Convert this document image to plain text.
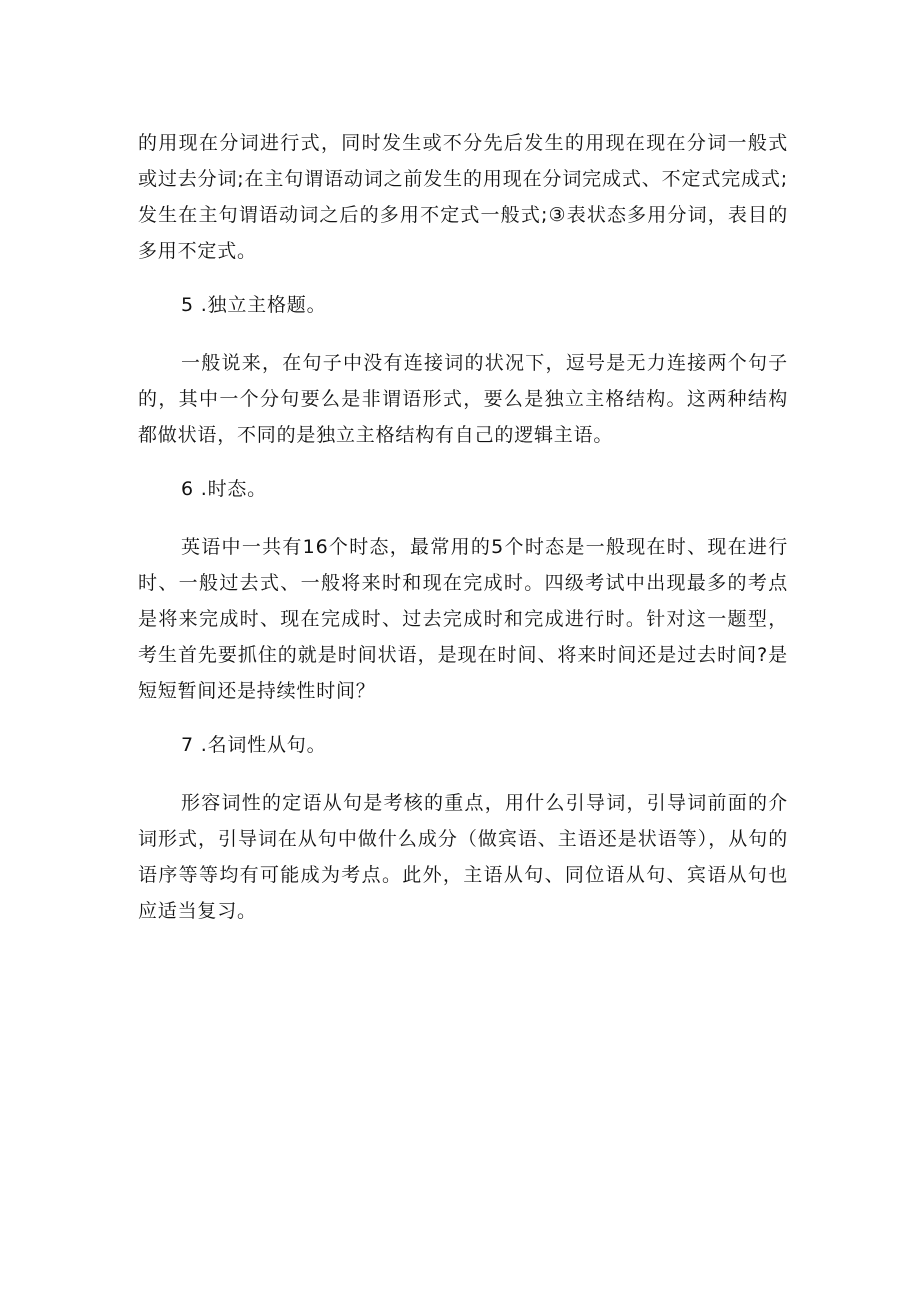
的用现在分词进行式，同时发生或不分先后发生的用现在现在分词一般式或过去分词;在主句谓语动词之前发生的用现在分词完成式、不定式完成式;发生在主句谓语动词之后的多用不定式一般式;③表状态多用分词，表目的多用不定式。

5 .独立主格题。

一般说来，在句子中没有连接词的状况下，逗号是无力连接两个句子的，其中一个分句要么是非谓语形式，要么是独立主格结构。这两种结构都做状语，不同的是独立主格结构有自己的逻辑主语。

6 .时态。

英语中一共有16个时态，最常用的5个时态是一般现在时、现在进行时、一般过去式、一般将来时和现在完成时。四级考试中出现最多的考点是将来完成时、现在完成时、过去完成时和完成进行时。针对这一题型，考生首先要抓住的就是时间状语，是现在时间、将来时间还是过去时间?是短短暂间还是持续性时间？

7 .名词性从句。

形容词性的定语从句是考核的重点，用什么引导词，引导词前面的介词形式，引导词在从句中做什么成分（做宾语、主语还是状语等），从句的语序等等均有可能成为考点。此外，主语从句、同位语从句、宾语从句也应适当复习。
